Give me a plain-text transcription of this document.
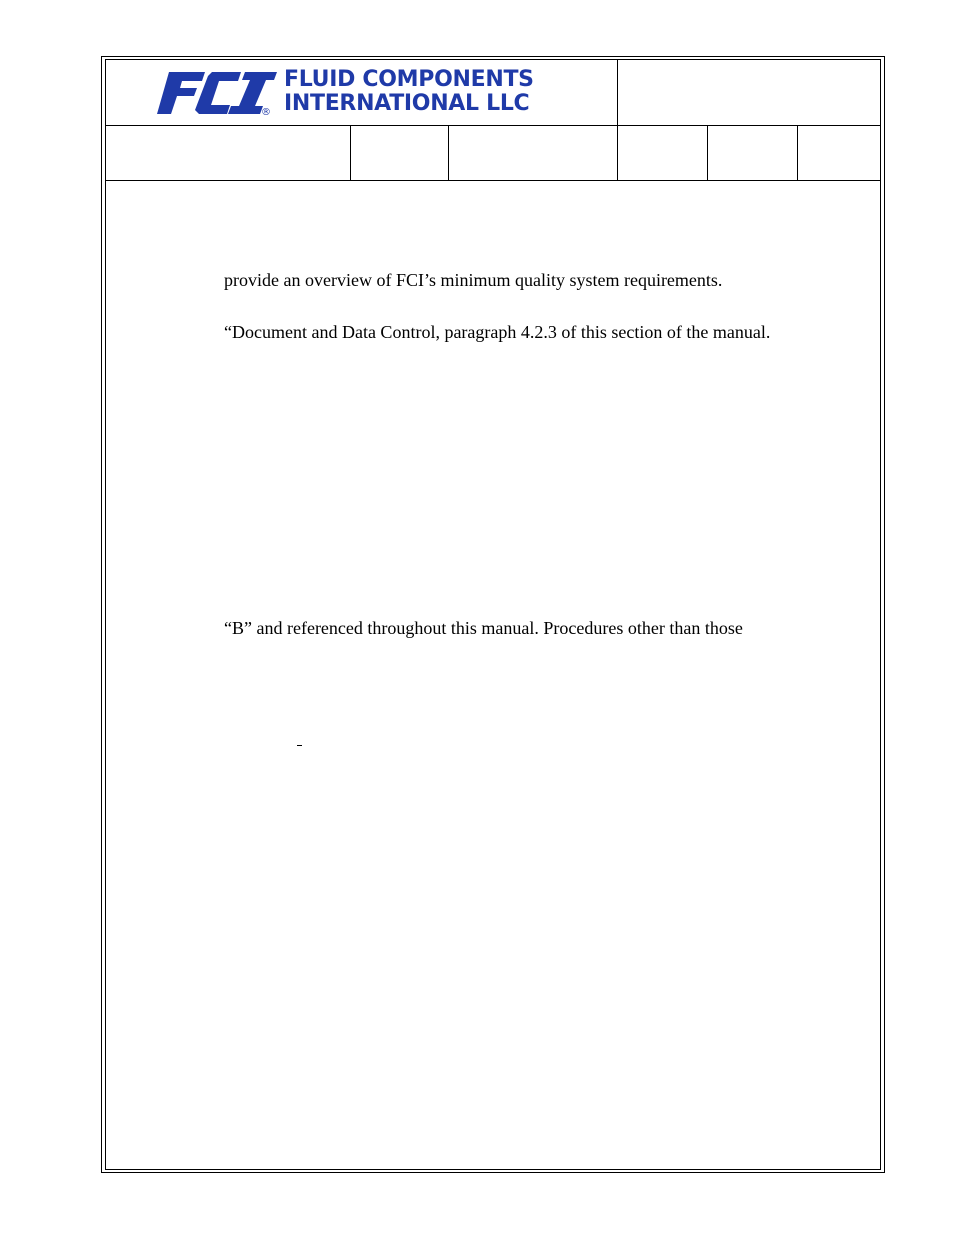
®
FLUID COMPONENTS
INTERNATIONAL LLC
provide an overview of FCI’s minimum quality system requirements.
“Document and Data Control, paragraph 4.2.3 of this section of the manual.
“B” and referenced throughout this manual. Procedures other than those
